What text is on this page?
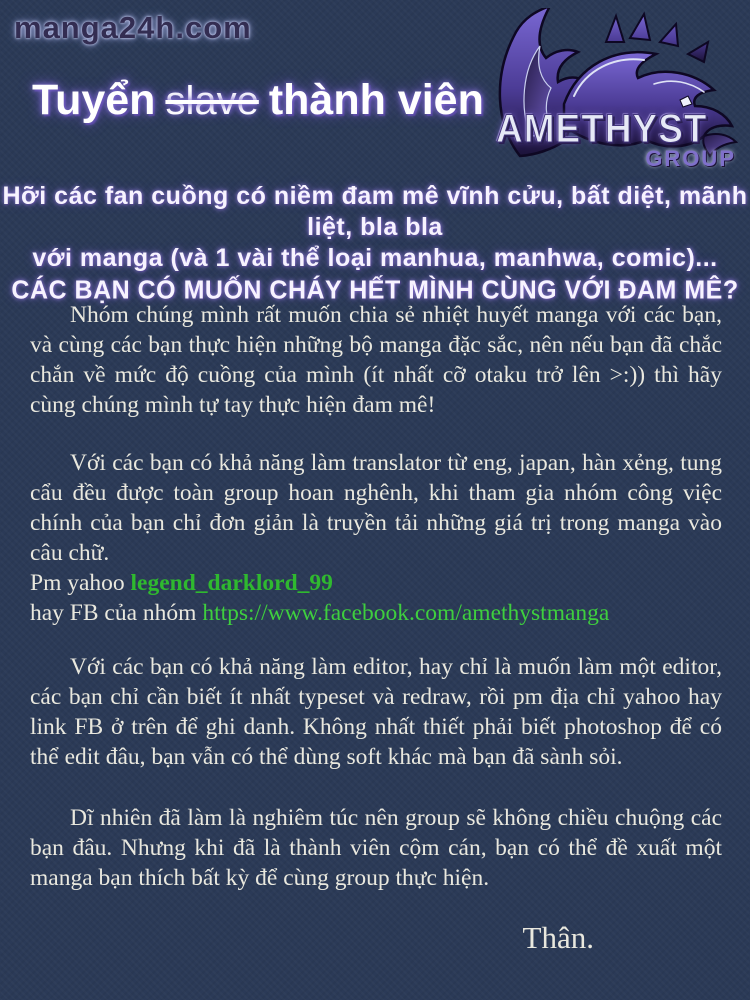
manga24h.com
AMETHYST
GROUP
Tuyển slave thành viên
Hỡi các fan cuồng có niềm đam mê vĩnh cửu, bất diệt, mãnh liệt, bla bla
với manga (và 1 vài thể loại manhua, manhwa, comic)...
CÁC BẠN CÓ MUỐN CHÁY HẾT MÌNH CÙNG VỚI ĐAM MÊ?

Nhóm chúng mình rất muốn chia sẻ nhiệt huyết manga với các bạn, và cùng các bạn thực hiện những bộ manga đặc sắc, nên nếu bạn đã chắc chắn về mức độ cuồng của mình (ít nhất cỡ otaku trở lên >:)) thì hãy cùng chúng mình tự tay thực hiện đam mê!

Với các bạn có khả năng làm translator từ eng, japan, hàn xẻng, tung cẩu đều được toàn group hoan nghênh, khi tham gia nhóm công việc chính của bạn chỉ đơn giản là truyền tải những giá trị trong manga vào câu chữ.

Pm yahoo legend_darklord_99
hay FB của nhóm https://www.facebook.com/amethystmanga

Với các bạn có khả năng làm editor, hay chỉ là muốn làm một editor, các bạn chỉ cần biết ít nhất typeset và redraw, rồi pm địa chỉ yahoo hay link FB ở trên để ghi danh. Không nhất thiết phải biết photoshop để có thể edit đâu, bạn vẫn có thể dùng soft khác mà bạn đã sành sỏi.

Dĩ nhiên đã làm là nghiêm túc nên group sẽ không chiều chuộng các bạn đâu. Nhưng khi đã là thành viên cộm cán, bạn có thể đề xuất một manga bạn thích bất kỳ để cùng group thực hiện.

Thân.
